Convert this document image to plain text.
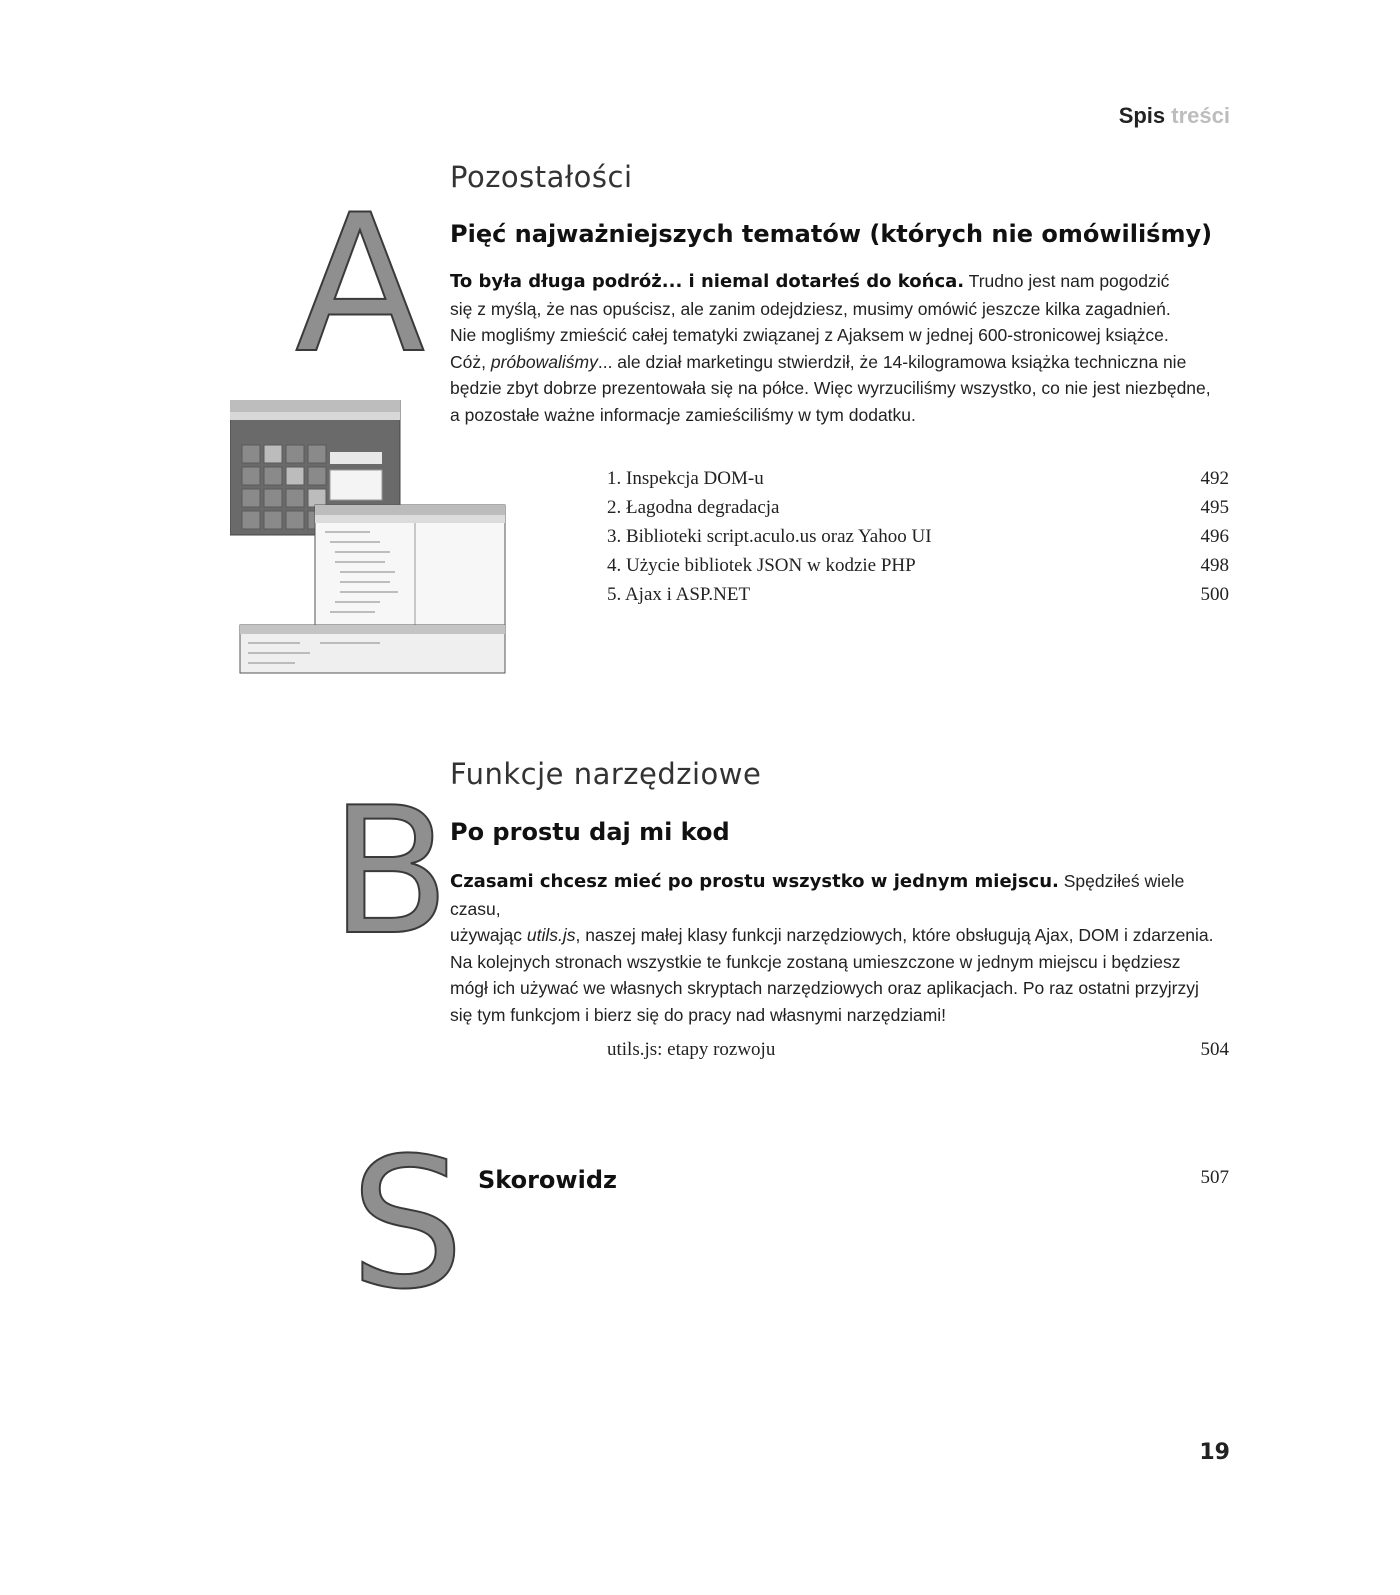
Spis treści
A Pozostałości
Pięć najważniejszych tematów (których nie omówiliśmy)
To była długa podróż... i niemal dotarłeś do końca. Trudno jest nam pogodzić
się z myślą, że nas opuścisz, ale zanim odejdziesz, musimy omówić jeszcze kilka zagadnień.
Nie mogliśmy zmieścić całej tematyki związanej z Ajaksem w jednej 600-stronicowej książce.
Cóż, próbowaliśmy... ale dział marketingu stwierdził, że 14-kilogramowa książka techniczna nie
będzie zbyt dobrze prezentowała się na półce. Więc wyrzuciliśmy wszystko, co nie jest niezbędne,
a pozostałe ważne informacje zamieściliśmy w tym dodatku.
1. Inspekcja DOM-u	492
2. Łagodna degradacja	495
3. Biblioteki script.aculo.us oraz Yahoo UI	496
4. Użycie bibliotek JSON w kodzie PHP	498
5. Ajax i ASP.NET	500
B Funkcje narzędziowe
Po prostu daj mi kod
Czasami chcesz mieć po prostu wszystko w jednym miejscu. Spędziłeś wiele czasu,
używając utils.js, naszej małej klasy funkcji narzędziowych, które obsługują Ajax, DOM i zdarzenia.
Na kolejnych stronach wszystkie te funkcje zostaną umieszczone w jednym miejscu i będziesz
mógł ich używać we własnych skryptach narzędziowych oraz aplikacjach. Po raz ostatni przyjrzyj
się tym funkcjom i bierz się do pracy nad własnymi narzędziami!
utils.js: etapy rozwoju	504
S Skorowidz	507
19
